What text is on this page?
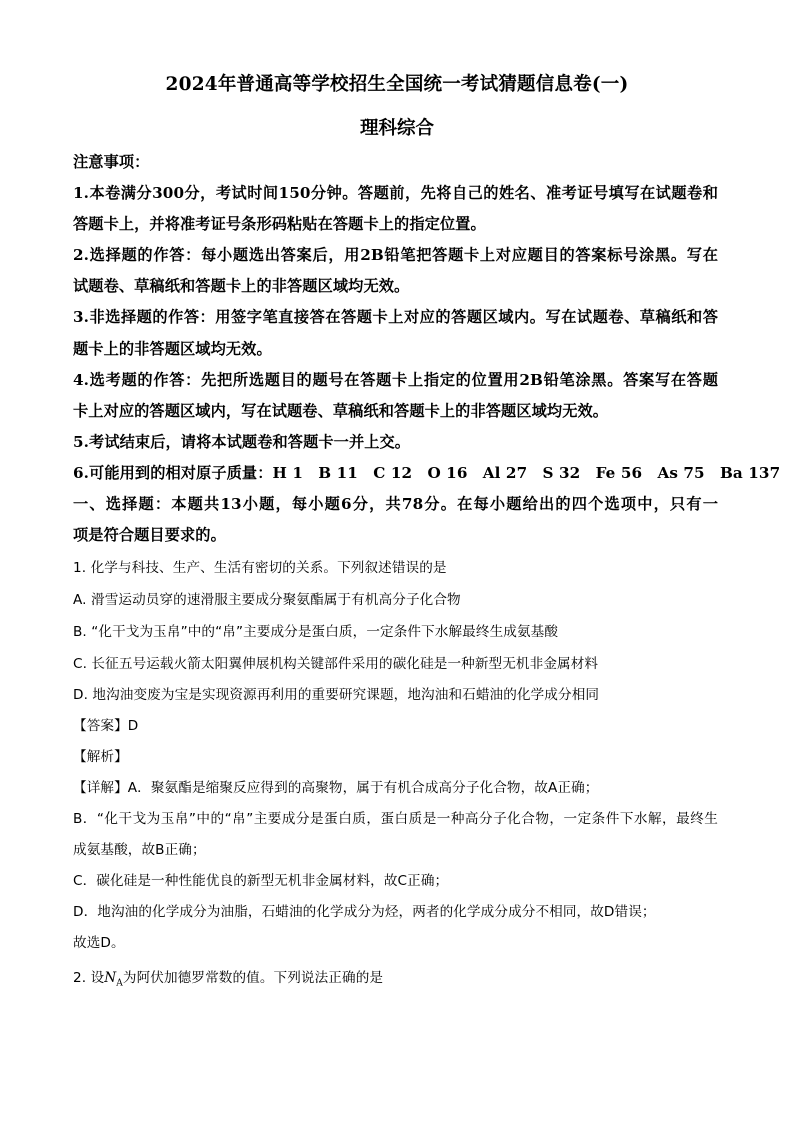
2024年普通高等学校招生全国统一考试猜题信息卷(一)
理科综合
注意事项：
1.本卷满分300分，考试时间150分钟。答题前，先将自己的姓名、准考证号填写在试题卷和
答题卡上，并将准考证号条形码粘贴在答题卡上的指定位置。
2.选择题的作答：每小题选出答案后，用2B铅笔把答题卡上对应题目的答案标号涂黑。写在
试题卷、草稿纸和答题卡上的非答题区域均无效。
3.非选择题的作答：用签字笔直接答在答题卡上对应的答题区域内。写在试题卷、草稿纸和答
题卡上的非答题区域均无效。
4.选考题的作答：先把所选题目的题号在答题卡上指定的位置用2B铅笔涂黑。答案写在答题
卡上对应的答题区域内，写在试题卷、草稿纸和答题卡上的非答题区域均无效。
5.考试结束后，请将本试题卷和答题卡一并上交。
6.可能用到的相对原子质量：H 1　B 11　C 12　O 16　Al 27　S 32　Fe 56　As 75　Ba 137
一、选择题：本题共13小题，每小题6分，共78分。在每小题给出的四个选项中，只有一
项是符合题目要求的。
1. 化学与科技、生产、生活有密切的关系。下列叙述错误的是
A. 滑雪运动员穿的速滑服主要成分聚氨酯属于有机高分子化合物
B. “化干戈为玉帛”中的“帛”主要成分是蛋白质，一定条件下水解最终生成氨基酸
C. 长征五号运载火箭太阳翼伸展机构关键部件采用的碳化硅是一种新型无机非金属材料
D. 地沟油变废为宝是实现资源再利用的重要研究课题，地沟油和石蜡油的化学成分相同
【答案】D
【解析】
【详解】A．聚氨酯是缩聚反应得到的高聚物，属于有机合成高分子化合物，故A正确；
B．“化干戈为玉帛”中的“帛”主要成分是蛋白质，蛋白质是一种高分子化合物，一定条件下水解，最终生
成氨基酸，故B正确；
C．碳化硅是一种性能优良的新型无机非金属材料，故C正确；
D．地沟油的化学成分为油脂，石蜡油的化学成分为烃，两者的化学成分成分不相同，故D错误；
故选D。
2. 设$N_A$为阿伏加德罗常数的值。下列说法正确的是
